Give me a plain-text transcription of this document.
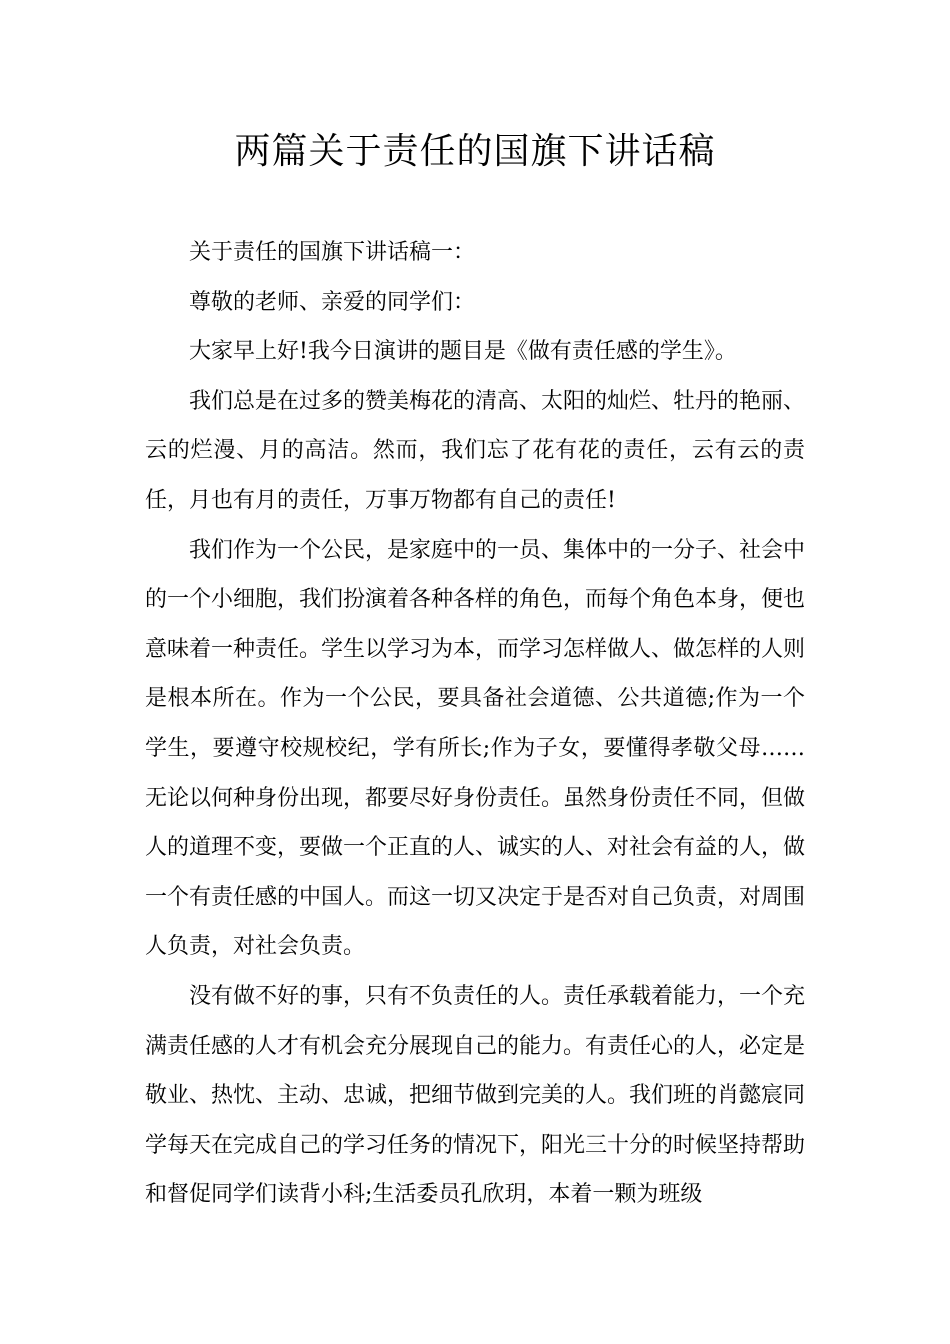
两篇关于责任的国旗下讲话稿

关于责任的国旗下讲话稿一：

尊敬的老师、亲爱的同学们：

大家早上好!我今日演讲的题目是《做有责任感的学生》。

我们总是在过多的赞美梅花的清高、太阳的灿烂、牡丹的艳丽、云的烂漫、月的高洁。然而，我们忘了花有花的责任，云有云的责任，月也有月的责任，万事万物都有自己的责任!

我们作为一个公民，是家庭中的一员、集体中的一分子、社会中的一个小细胞，我们扮演着各种各样的角色，而每个角色本身，便也意味着一种责任。学生以学习为本，而学习怎样做人、做怎样的人则是根本所在。作为一个公民，要具备社会道德、公共道德;作为一个学生，要遵守校规校纪，学有所长;作为子女，要懂得孝敬父母……无论以何种身份出现，都要尽好身份责任。虽然身份责任不同，但做人的道理不变，要做一个正直的人、诚实的人、对社会有益的人，做一个有责任感的中国人。而这一切又决定于是否对自己负责，对周围人负责，对社会负责。

没有做不好的事，只有不负责任的人。责任承载着能力，一个充满责任感的人才有机会充分展现自己的能力。有责任心的人，必定是敬业、热忱、主动、忠诚，把细节做到完美的人。我们班的肖懿宸同学每天在完成自己的学习任务的情况下，阳光三十分的时候坚持帮助和督促同学们读背小科;生活委员孔欣玥，本着一颗为班级
